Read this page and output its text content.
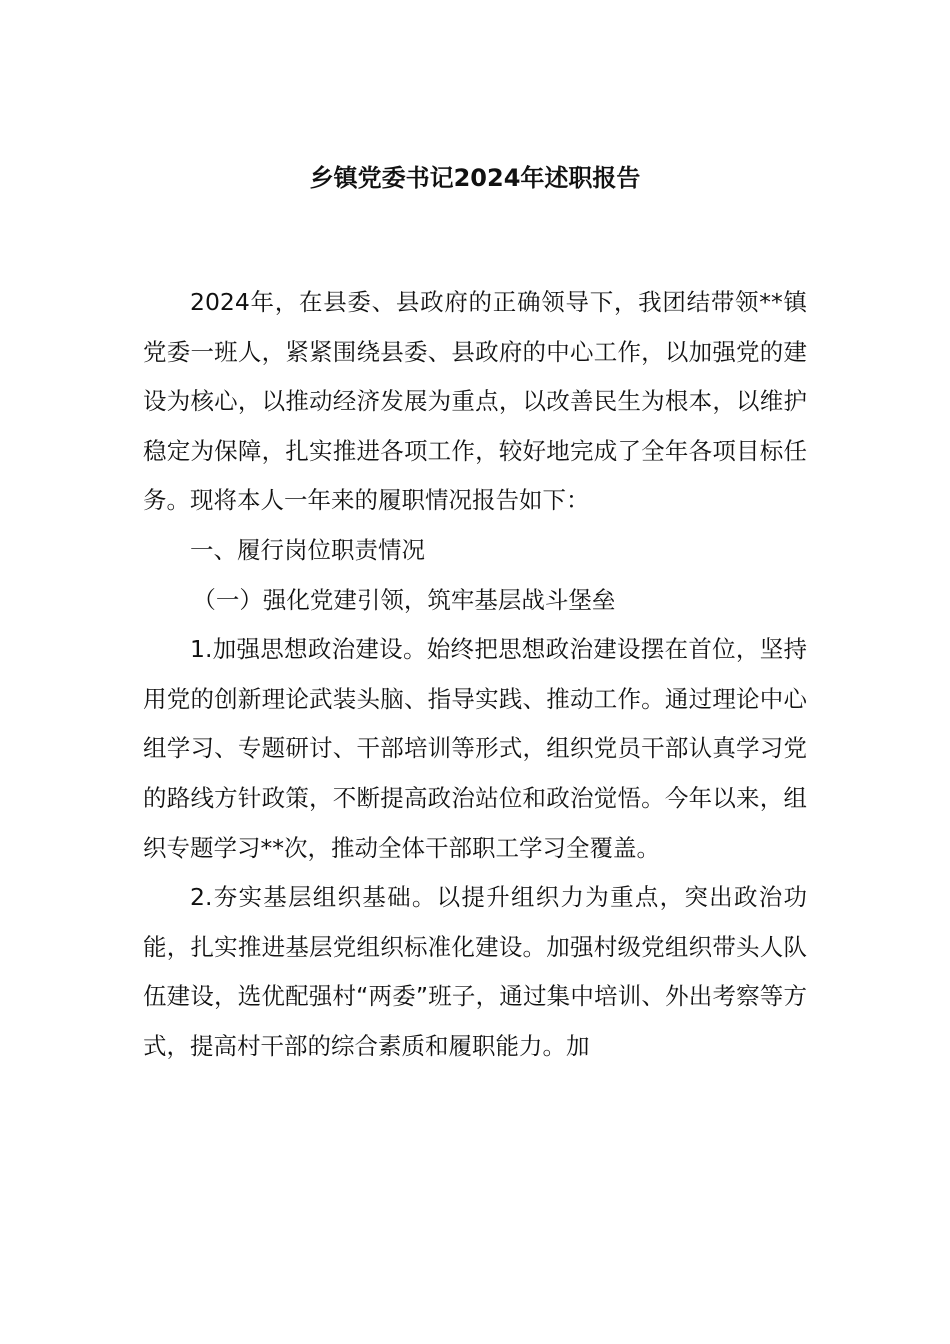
乡镇党委书记2024年述职报告

2024年，在县委、县政府的正确领导下，我团结带领**镇党委一班人，紧紧围绕县委、县政府的中心工作，以加强党的建设为核心，以推动经济发展为重点，以改善民生为根本，以维护稳定为保障，扎实推进各项工作，较好地完成了全年各项目标任务。现将本人一年来的履职情况报告如下：

一、履行岗位职责情况

（一）强化党建引领，筑牢基层战斗堡垒

1.加强思想政治建设。始终把思想政治建设摆在首位，坚持用党的创新理论武装头脑、指导实践、推动工作。通过理论中心组学习、专题研讨、干部培训等形式，组织党员干部认真学习党的路线方针政策，不断提高政治站位和政治觉悟。今年以来，组织专题学习**次，推动全体干部职工学习全覆盖。

2.夯实基层组织基础。以提升组织力为重点，突出政治功能，扎实推进基层党组织标准化建设。加强村级党组织带头人队伍建设，选优配强村“两委”班子，通过集中培训、外出考察等方式，提高村干部的综合素质和履职能力。加
